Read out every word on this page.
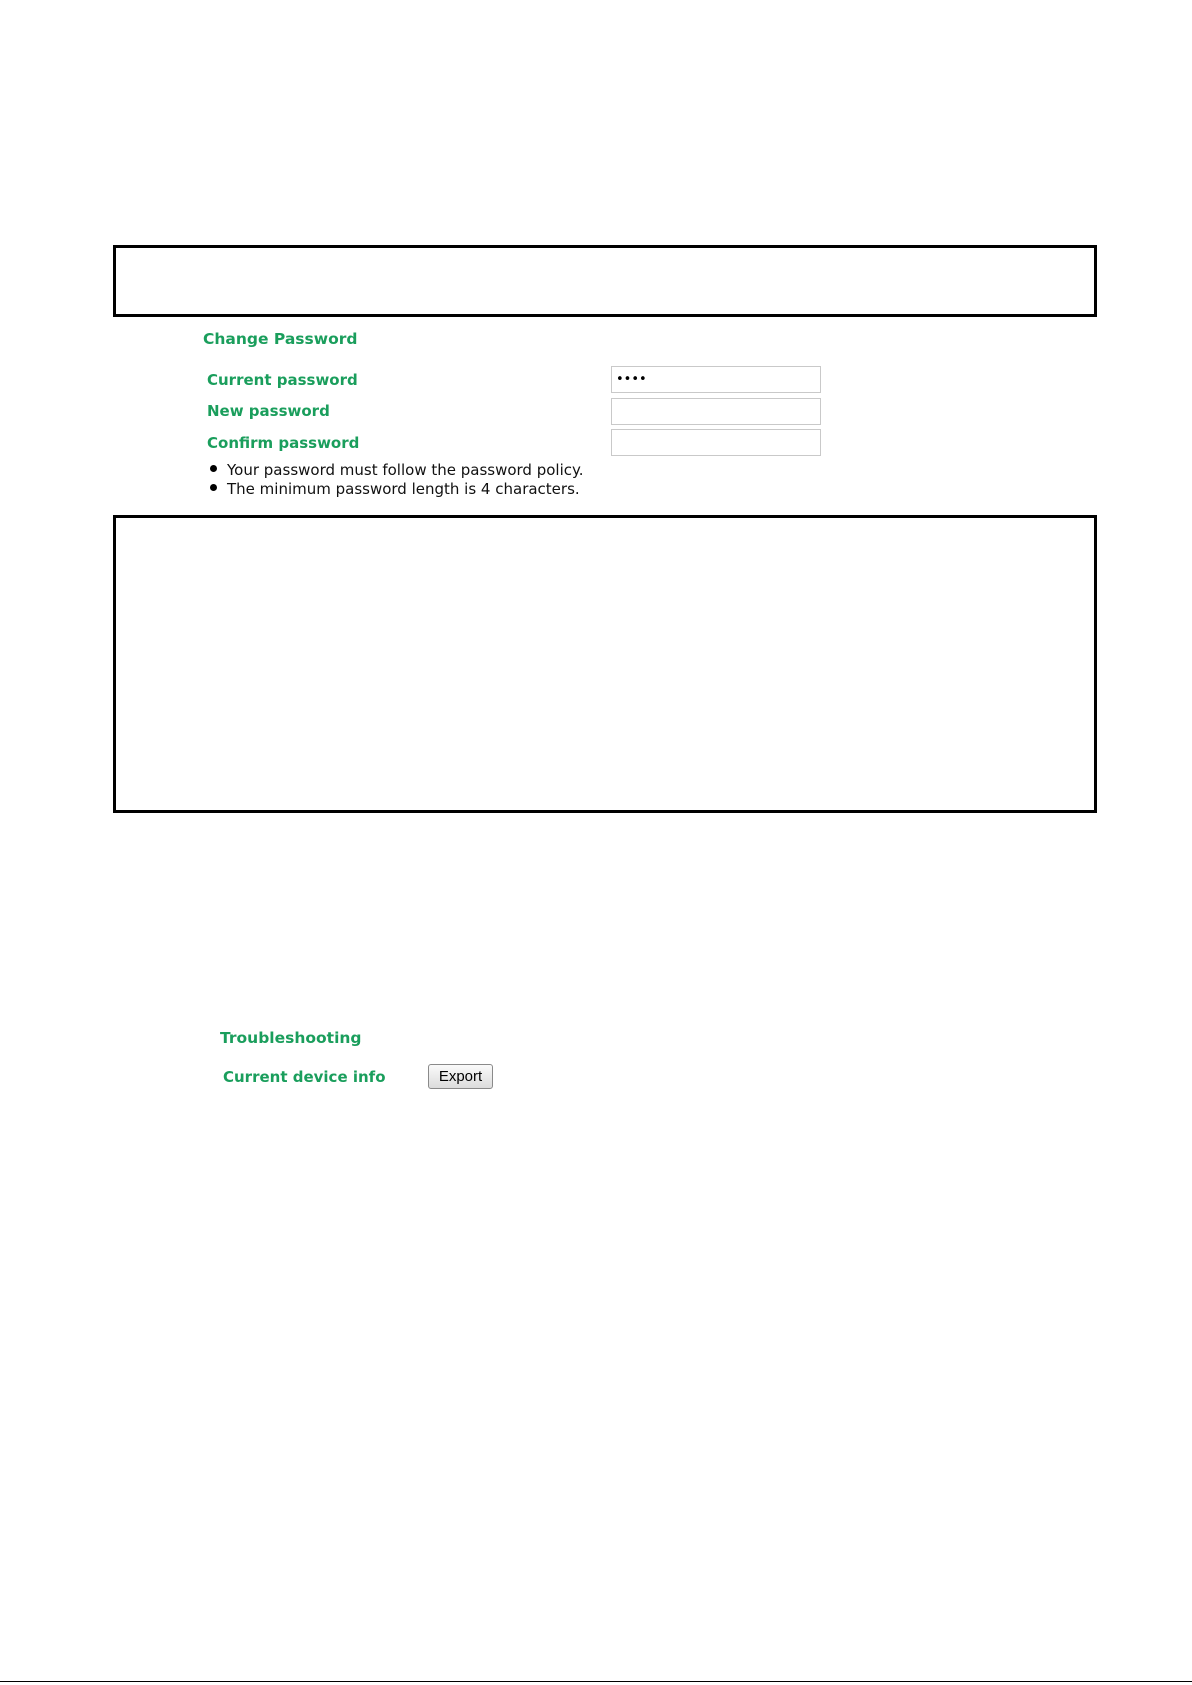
Change Password
Current password
••••
New password
Confirm password
Your password must follow the password policy.
The minimum password length is 4 characters.
Troubleshooting
Current device info	Export
